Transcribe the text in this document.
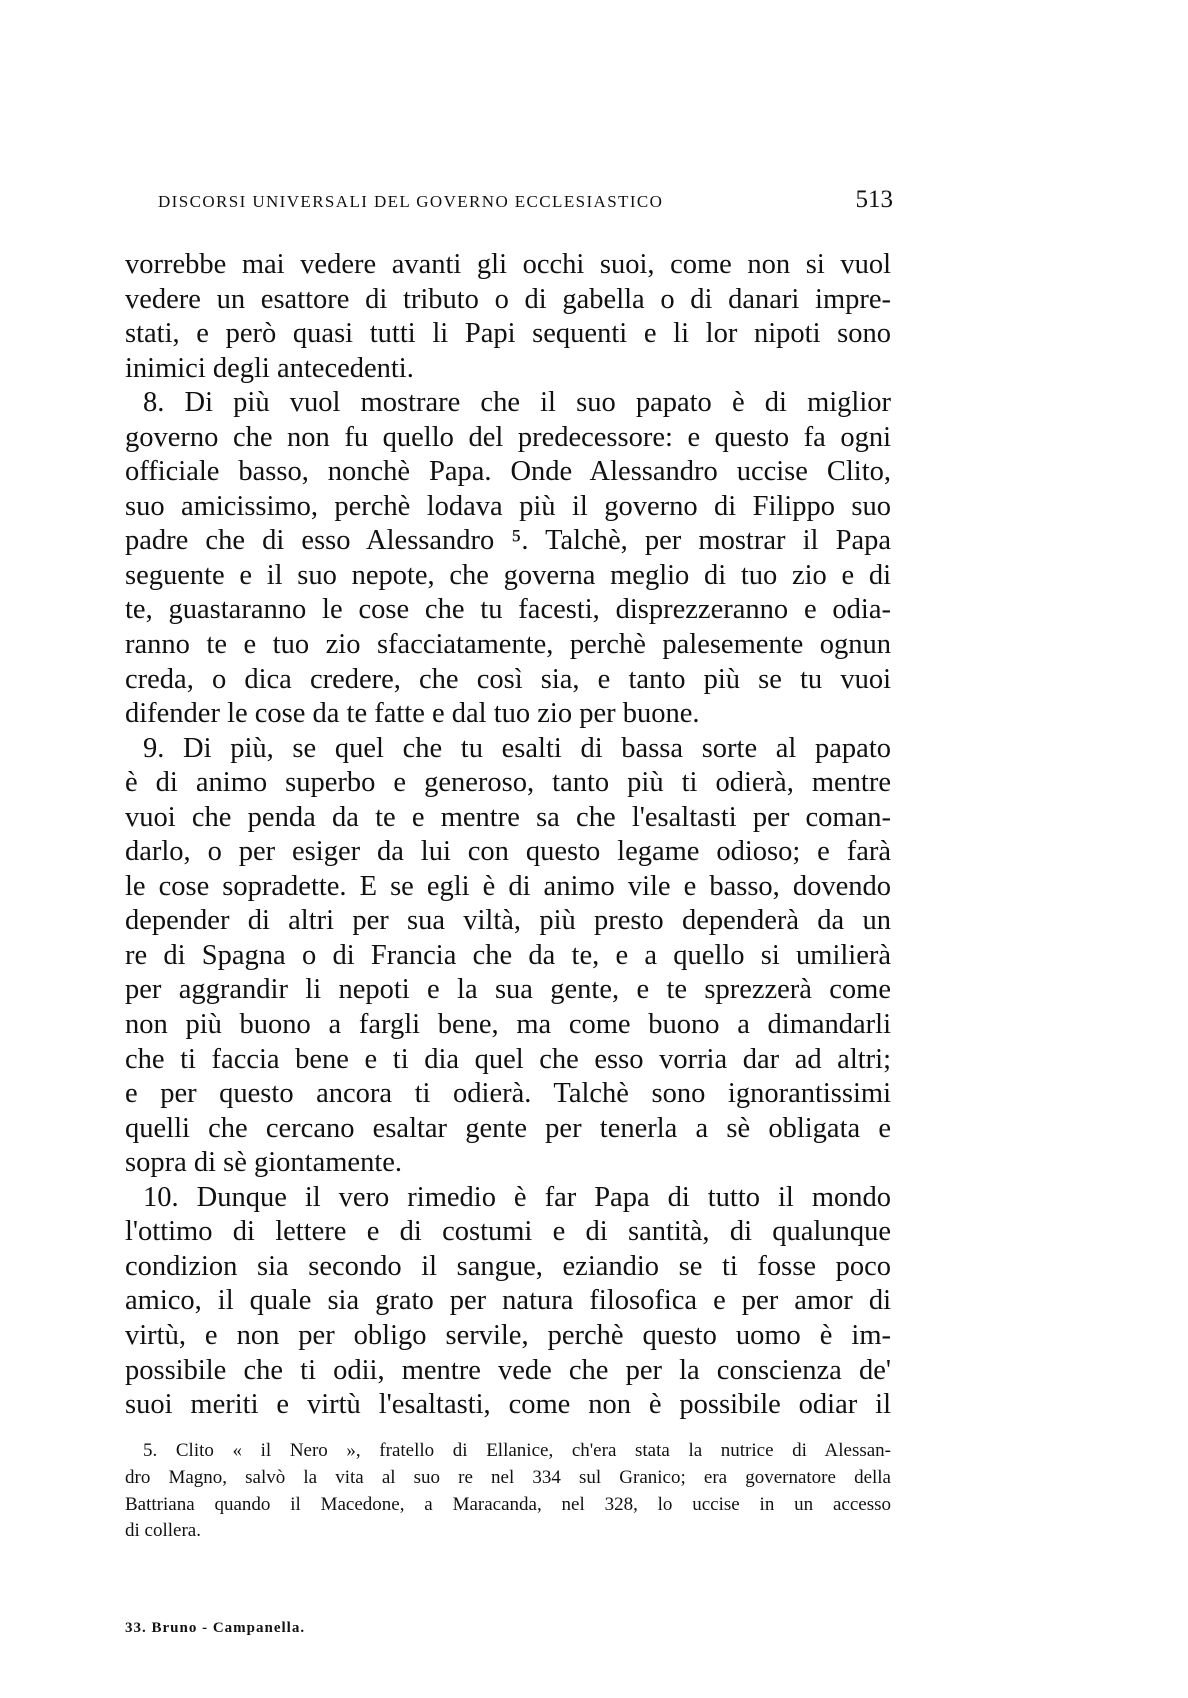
DISCORSI UNIVERSALI DEL GOVERNO ECCLESIASTICO	513
vorrebbe mai vedere avanti gli occhi suoi, come non si vuol
vedere un esattore di tributo o di gabella o di danari impre-
stati, e però quasi tutti li Papi sequenti e li lor nipoti sono
inimici degli antecedenti.
8. Di più vuol mostrare che il suo papato è di miglior
governo che non fu quello del predecessore: e questo fa ogni
officiale basso, nonchè Papa. Onde Alessandro uccise Clito,
suo amicissimo, perchè lodava più il governo di Filippo suo
padre che di esso Alessandro ⁵. Talchè, per mostrar il Papa
seguente e il suo nepote, che governa meglio di tuo zio e di
te, guastaranno le cose che tu facesti, disprezzeranno e odia-
ranno te e tuo zio sfacciatamente, perchè palesemente ognun
creda, o dica credere, che così sia, e tanto più se tu vuoi
difender le cose da te fatte e dal tuo zio per buone.
9. Di più, se quel che tu esalti di bassa sorte al papato
è di animo superbo e generoso, tanto più ti odierà, mentre
vuoi che penda da te e mentre sa che l'esaltasti per coman-
darlo, o per esiger da lui con questo legame odioso; e farà
le cose sopradette. E se egli è di animo vile e basso, dovendo
depender di altri per sua viltà, più presto dependerà da un
re di Spagna o di Francia che da te, e a quello si umilierà
per aggrandir li nepoti e la sua gente, e te sprezzerà come
non più buono a fargli bene, ma come buono a dimandarli
che ti faccia bene e ti dia quel che esso vorria dar ad altri;
e per questo ancora ti odierà. Talchè sono ignorantissimi
quelli che cercano esaltar gente per tenerla a sè obligata e
sopra di sè giontamente.
10. Dunque il vero rimedio è far Papa di tutto il mondo
l'ottimo di lettere e di costumi e di santità, di qualunque
condizion sia secondo il sangue, eziandio se ti fosse poco
amico, il quale sia grato per natura filosofica e per amor di
virtù, e non per obligo servile, perchè questo uomo è im-
possibile che ti odii, mentre vede che per la conscienza de'
suoi meriti e virtù l'esaltasti, come non è possibile odiar il
5. Clito « il Nero », fratello di Ellanice, ch'era stata la nutrice di Alessan-
dro Magno, salvò la vita al suo re nel 334 sul Granico; era governatore della
Battriana quando il Macedone, a Maracanda, nel 328, lo uccise in un accesso
di collera.
33. Bruno - Campanella.
